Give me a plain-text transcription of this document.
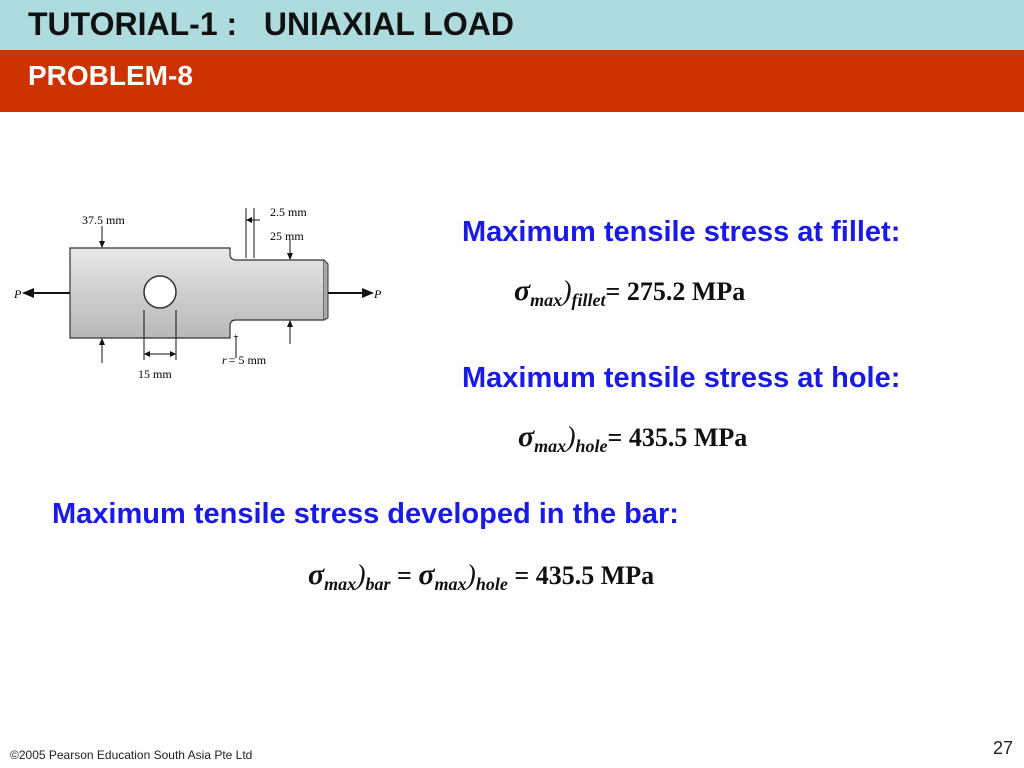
TUTORIAL-1 :   UNIAXIAL LOAD
PROBLEM-8
P	P
37.5 mm
2.5 mm
25 mm
15 mm
+
r = 5 mm
Maximum tensile stress at fillet:
$\sigma_{max})_{fillet}= 275.2$ MPa
Maximum tensile stress at hole:
$\sigma_{max})_{hole}= 435.5$ MPa
Maximum tensile stress developed in the bar:
$\sigma_{max})_{bar} = \sigma_{max})_{hole} = 435.5$ MPa
©2005 Pearson Education South Asia Pte Ltd	27
